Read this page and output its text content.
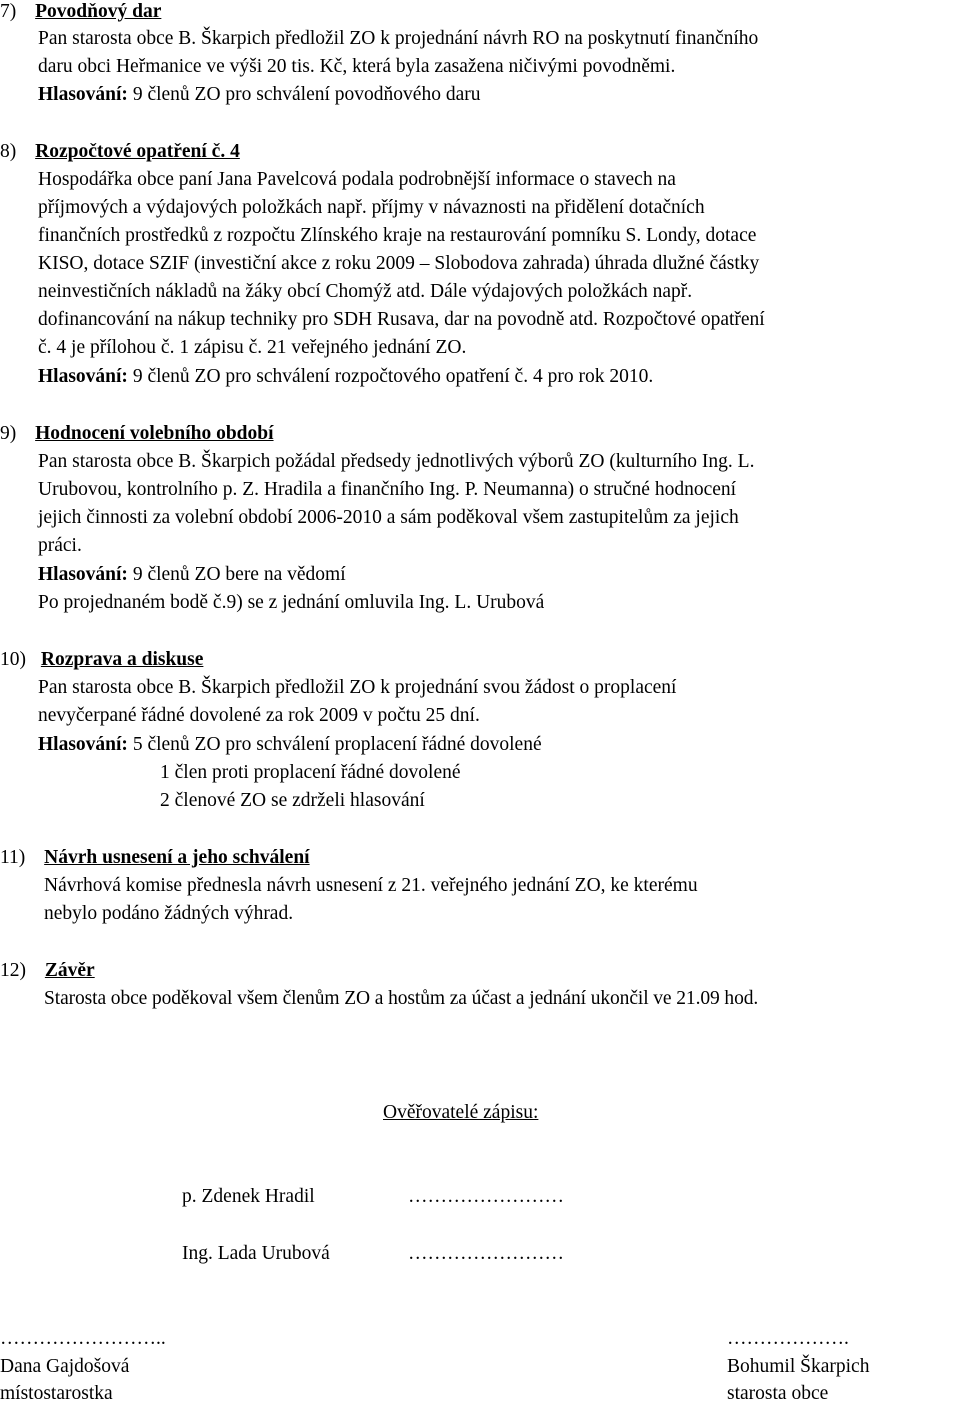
7) Povodňový dar
Pan starosta obce B. Škarpich předložil ZO k projednání návrh RO na poskytnutí finančního
daru obci Heřmanice ve výši 20 tis. Kč, která byla zasažena ničivými povodněmi.
Hlasování: 9 členů ZO pro schválení povodňového daru
8) Rozpočtové opatření č. 4
Hospodářka obce paní Jana Pavelcová podala podrobnější informace o stavech na
příjmových a výdajových položkách např. příjmy v návaznosti na přidělení dotačních
finančních prostředků z rozpočtu Zlínského kraje na restaurování pomníku S. Londy, dotace
KISO, dotace SZIF (investiční akce z roku 2009 – Slobodova zahrada) úhrada dlužné částky
neinvestičních nákladů na žáky obcí Chomýž atd. Dále výdajových položkách např.
dofinancování na nákup techniky pro SDH Rusava, dar na povodně atd. Rozpočtové opatření
č. 4 je přílohou č. 1 zápisu č. 21 veřejného jednání ZO.
Hlasování: 9 členů ZO pro schválení rozpočtového opatření č. 4 pro rok 2010.
9) Hodnocení volebního období
Pan starosta obce B. Škarpich požádal předsedy jednotlivých výborů ZO (kulturního Ing. L.
Urubovou, kontrolního p. Z. Hradila a finančního Ing. P. Neumanna) o stručné hodnocení
jejich činnosti za volební období 2006-2010 a sám poděkoval všem zastupitelům za jejich
práci.
Hlasování: 9 členů ZO bere na vědomí
Po projednaném bodě č.9) se z jednání omluvila Ing. L. Urubová
10) Rozprava a diskuse
Pan starosta obce B. Škarpich předložil ZO k projednání svou žádost o proplacení
nevyčerpané řádné dovolené za rok 2009 v počtu 25 dní.
Hlasování: 5 členů ZO pro schválení proplacení řádné dovolené
1 člen proti proplacení řádné dovolené
2 členové ZO se zdrželi hlasování
11) Návrh usnesení a jeho schválení
Návrhová komise přednesla návrh usnesení z 21. veřejného jednání ZO, ke kterému
nebylo podáno žádných výhrad.
12) Závěr
Starosta obce poděkoval všem členům ZO a hostům za účast a jednání ukončil ve 21.09 hod.
Ověřovatelé zápisu:
p. Zdenek Hradil	……………………
Ing. Lada Urubová	……………………
……………………..
Dana Gajdošová
místostarostka
……………….
Bohumil Škarpich
starosta obce
